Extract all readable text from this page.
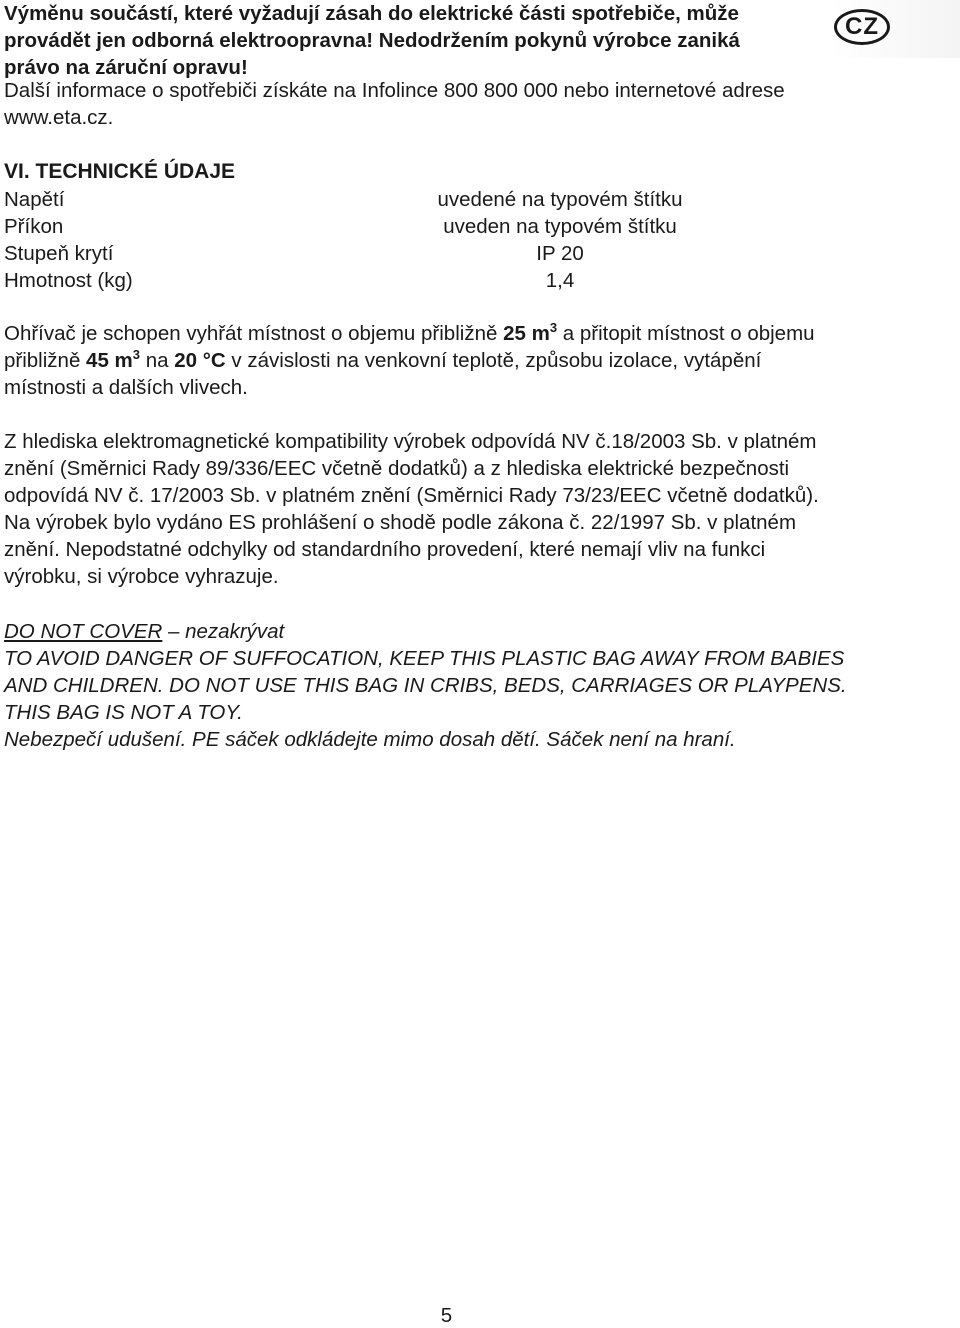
CZ
Výměnu součástí, které vyžadují zásah do elektrické části spotřebiče, může
provádět jen odborná elektroopravna! Nedodržením pokynů výrobce zaniká
právo na záruční opravu!
Další informace o spotřebiči získáte na Infolince 800 800 000 nebo internetové adrese
www.eta.cz.
VI. TECHNICKÉ ÚDAJE
Napětí	uvedené na typovém štítku
Příkon	uveden na typovém štítku
Stupeň krytí	IP 20
Hmotnost (kg)	1,4
Ohřívač je schopen vyhřát místnost o objemu přibližně 25 $m^3$ a přitopit místnost o objemu
přibližně 45 $m^3$ na 20 °C v závislosti na venkovní teplotě, způsobu izolace, vytápění
místnosti a dalších vlivech.
Z hlediska elektromagnetické kompatibility výrobek odpovídá NV č.18/2003 Sb. v platném
znění (Směrnici Rady 89/336/EEC včetně dodatků) a z hlediska elektrické bezpečnosti
odpovídá NV č. 17/2003 Sb. v platném znění (Směrnici Rady 73/23/EEC včetně dodatků).
Na výrobek bylo vydáno ES prohlášení o shodě podle zákona č. 22/1997 Sb. v platném
znění. Nepodstatné odchylky od standardního provedení, které nemají vliv na funkci
výrobku, si výrobce vyhrazuje.
DO NOT COVER – nezakrývat
TO AVOID DANGER OF SUFFOCATION, KEEP THIS PLASTIC BAG AWAY FROM BABIES
AND CHILDREN. DO NOT USE THIS BAG IN CRIBS, BEDS, CARRIAGES OR PLAYPENS.
THIS BAG IS NOT A TOY.
Nebezpečí udušení. PE sáček odkládejte mimo dosah dětí. Sáček není na hraní.
5
